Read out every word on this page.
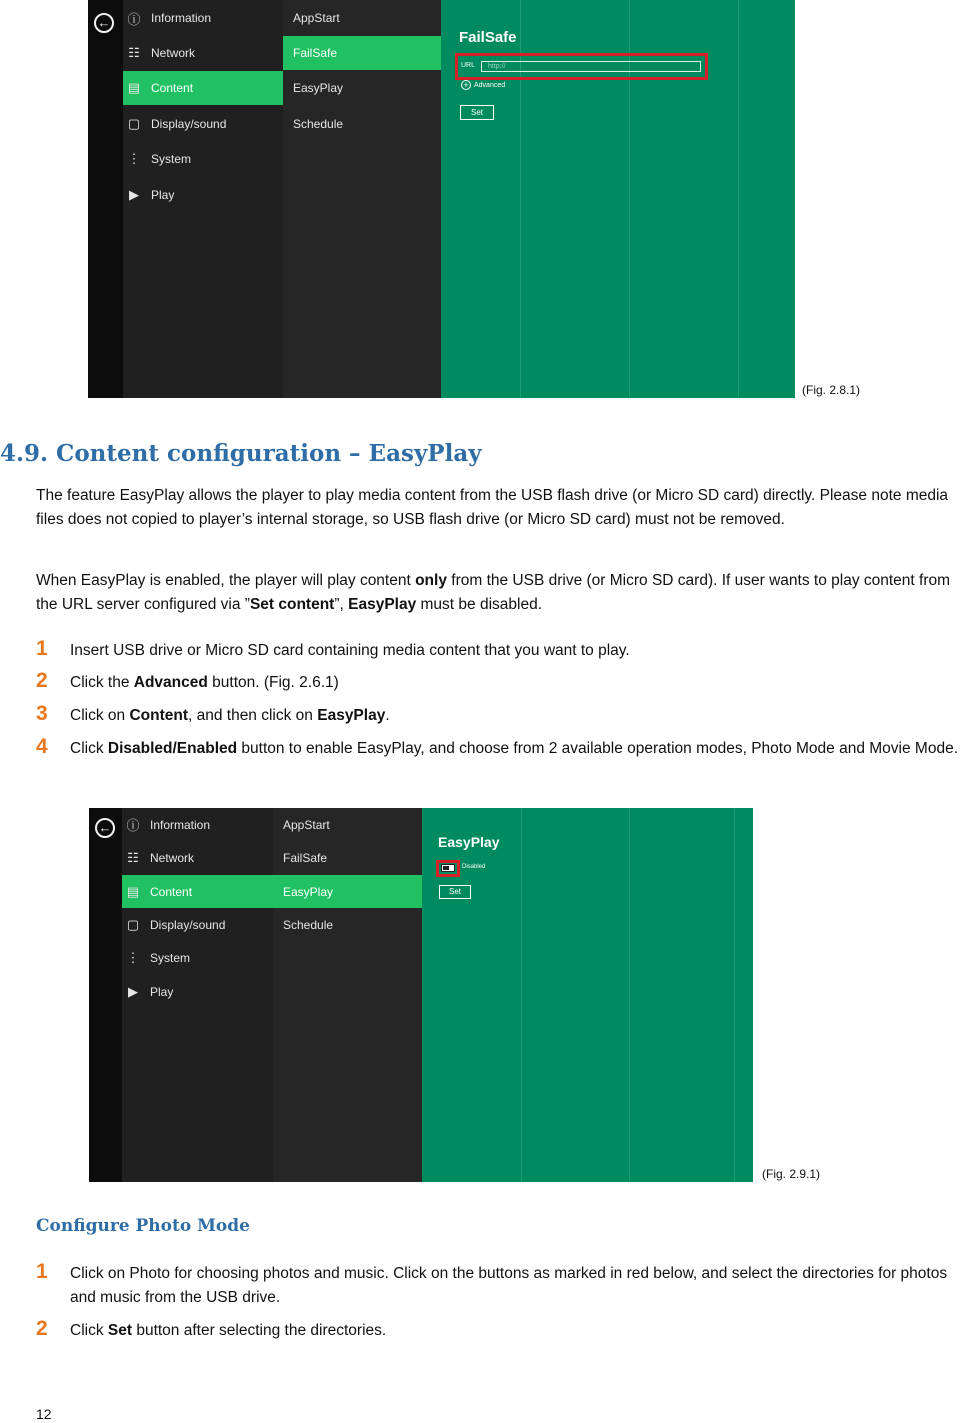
←	ⓘ Information
☷ Network
▤ Content
▢ Display/sound
⋮ System
▶	Play
AppStart
FailSafe
EasyPlay
Schedule
FailSafe
URL	http://
+ Advanced
Set
(Fig. 2.8.1)
4.9. Content configuration – EasyPlay
The feature EasyPlay allows the player to play media content from the USB flash drive (or Micro SD card) directly. Please note media files does not copied to player’s internal storage, so USB flash drive (or Micro SD card) must not be removed.
When EasyPlay is enabled, the player will play content only from the USB drive (or Micro SD card). If user wants to play content from the URL server configured via ”Set content”, EasyPlay must be disabled.
1 Insert USB drive or Micro SD card containing media content that you want to play.
2 Click the Advanced button. (Fig. 2.6.1)
3 Click on Content, and then click on EasyPlay.
4 Click Disabled/Enabled button to enable EasyPlay, and choose from 2 available operation modes, Photo Mode and Movie Mode.
←	ⓘ Information
☷ Network
▤ Content
▢ Display/sound
⋮ System
▶	Play
AppStart
FailSafe
EasyPlay
Schedule
EasyPlay
Disabled
Set
(Fig. 2.9.1)
Configure Photo Mode
1 Click on Photo for choosing photos and music. Click on the buttons as marked in red below, and select the directories for photos and music from the USB drive.
2 Click Set button after selecting the directories.
12
